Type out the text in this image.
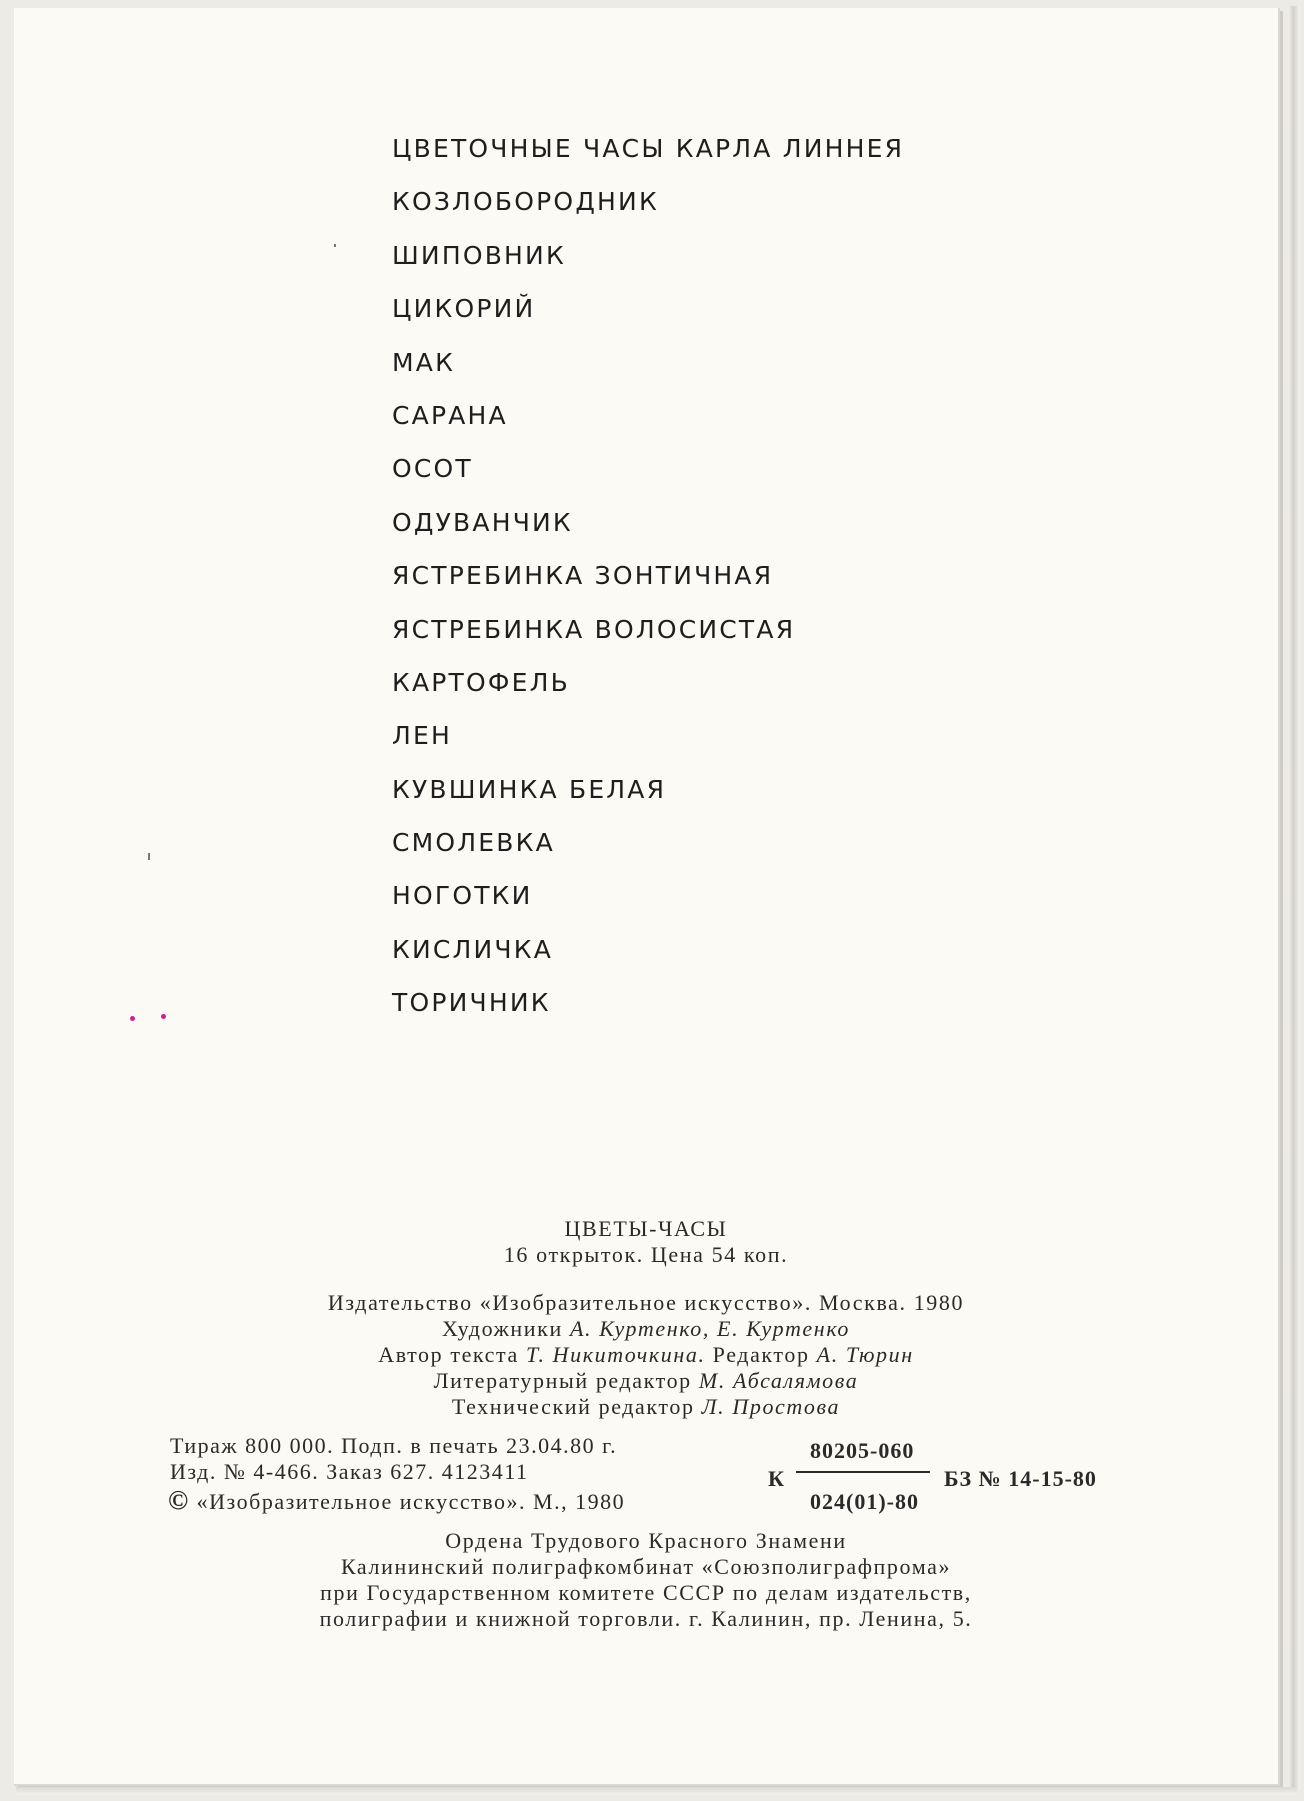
ЦВЕТОЧНЫЕ ЧАСЫ КАРЛА ЛИННЕЯ
КОЗЛОБОРОДНИК
ШИПОВНИК
ЦИКОРИЙ
МАК
САРАНА
ОСОТ
ОДУВАНЧИК
ЯСТРЕБИНКА ЗОНТИЧНАЯ
ЯСТРЕБИНКА ВОЛОСИСТАЯ
КАРТОФЕЛЬ
ЛЕН
КУВШИНКА БЕЛАЯ
СМОЛЕВКА
НОГОТКИ
КИСЛИЧКА
ТОРИЧНИК
ЦВЕТЫ-ЧАСЫ
16 открыток. Цена 54 коп.
Издательство «Изобразительное искусство». Москва. 1980
Художники А. Куртенко, Е. Куртенко
Автор текста Т. Никиточкина. Редактор А. Тюрин
Литературный редактор М. Абсалямова
Технический редактор Л. Простова
Тираж 800 000. Подп. в печать 23.04.80 г.
Изд. № 4-466. Заказ 627. 4123411
© «Изобразительное искусство». М., 1980
К
80205-060
024(01)-80
БЗ № 14-15-80
Ордена Трудового Красного Знамени
Калининский полиграфкомбинат «Союзполиграфпрома»
при Государственном комитете СССР по делам издательств,
полиграфии и книжной торговли. г. Калинин, пр. Ленина, 5.
